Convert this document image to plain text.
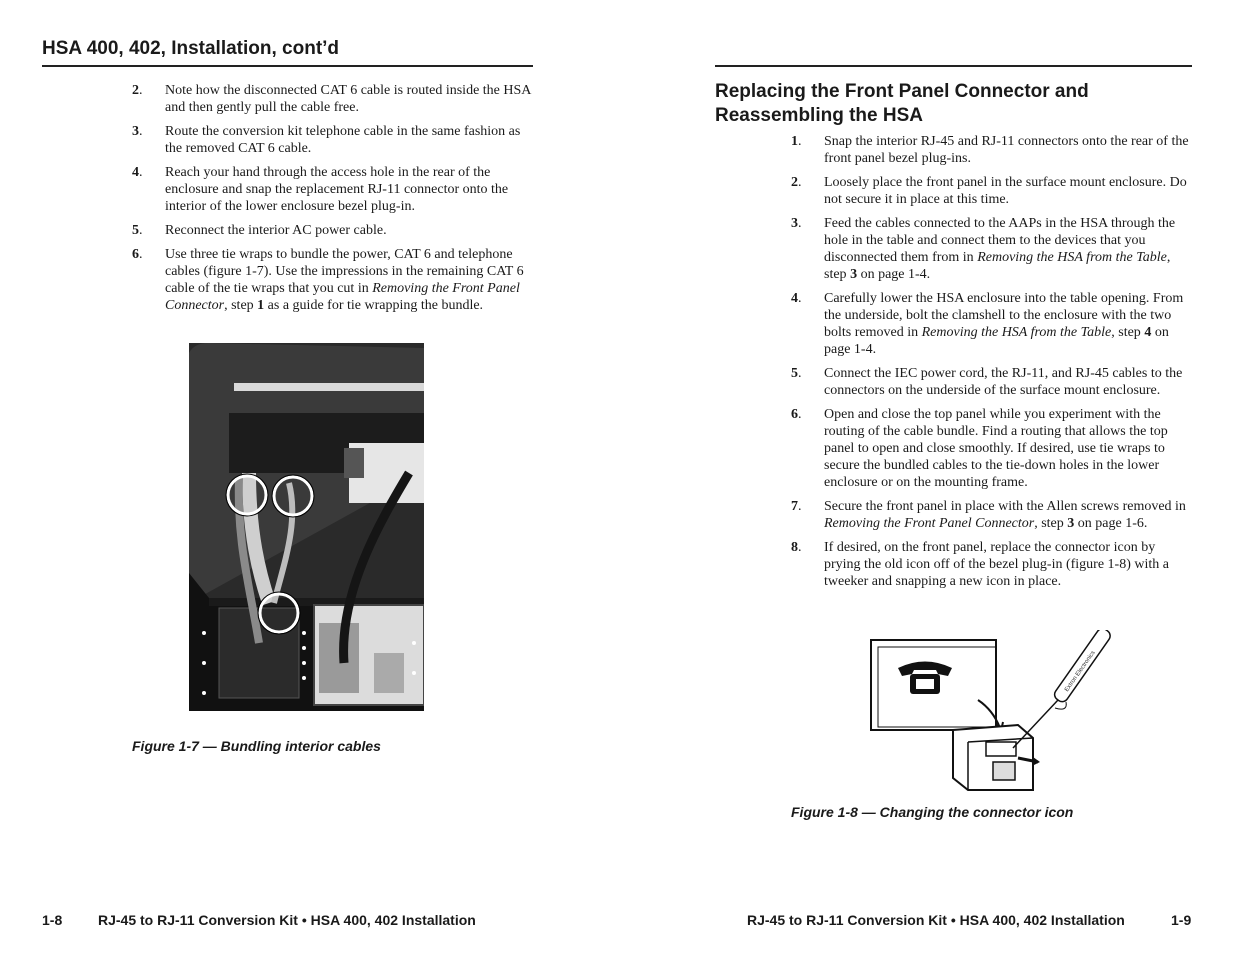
HSA 400, 402, Installation, cont’d
2 . Note how the disconnected CAT 6 cable is routed inside the HSA and then gently pull the cable free.
3 . Route the conversion kit telephone cable in the same fashion as the removed CAT 6 cable.
4 . Reach your hand through the access hole in the rear of the enclosure and snap the replacement RJ-11 connector onto the interior of the lower enclosure bezel plug-in.
5 . Reconnect the interior AC power cable.
6 . Use three tie wraps to bundle the power, CAT 6 and telephone cables (figure 1-7). Use the impressions in the remaining CAT 6 cable of the tie wraps that you cut in Removing the Front Panel Connector, step 1 as a guide for tie wrapping the bundle.
Figure 1-7 — Bundling interior cables
Replacing the Front Panel Connector and Reassembling the HSA
1 . Snap the interior RJ-45 and RJ-11 connectors onto the rear of the front panel bezel plug-ins.
2 . Loosely place the front panel in the surface mount enclosure. Do not secure it in place at this time.
3 . Feed the cables connected to the AAPs in the HSA through the hole in the table and connect them to the devices that you disconnected them from in Removing the HSA from the Table, step 3 on page 1-4.
4 . Carefully lower the HSA enclosure into the table opening. From the underside, bolt the clamshell to the enclosure with the two bolts removed in Removing the HSA from the Table, step 4 on page 1-4.
5 . Connect the IEC power cord, the RJ-11, and RJ-45 cables to the connectors on the underside of the surface mount enclosure.
6 . Open and close the top panel while you experiment with the routing of the cable bundle. Find a routing that allows the top panel to open and close smoothly. If desired, use tie wraps to secure the bundled cables to the tie-down holes in the lower enclosure or on the mounting frame.
7 . Secure the front panel in place with the Allen screws removed in Removing the Front Panel Connector, step 3 on page 1-6.
8 . If desired, on the front panel, replace the connector icon by prying the old icon off of the bezel plug-in (figure 1-8) with a tweeker and snapping a new icon in place.
Extron Electronics
Figure 1-8 — Changing the connector icon
1-8	RJ-45 to RJ-11 Conversion Kit • HSA 400, 402 Installation	RJ-45 to RJ-11 Conversion Kit • HSA 400, 402 Installation	1-9
